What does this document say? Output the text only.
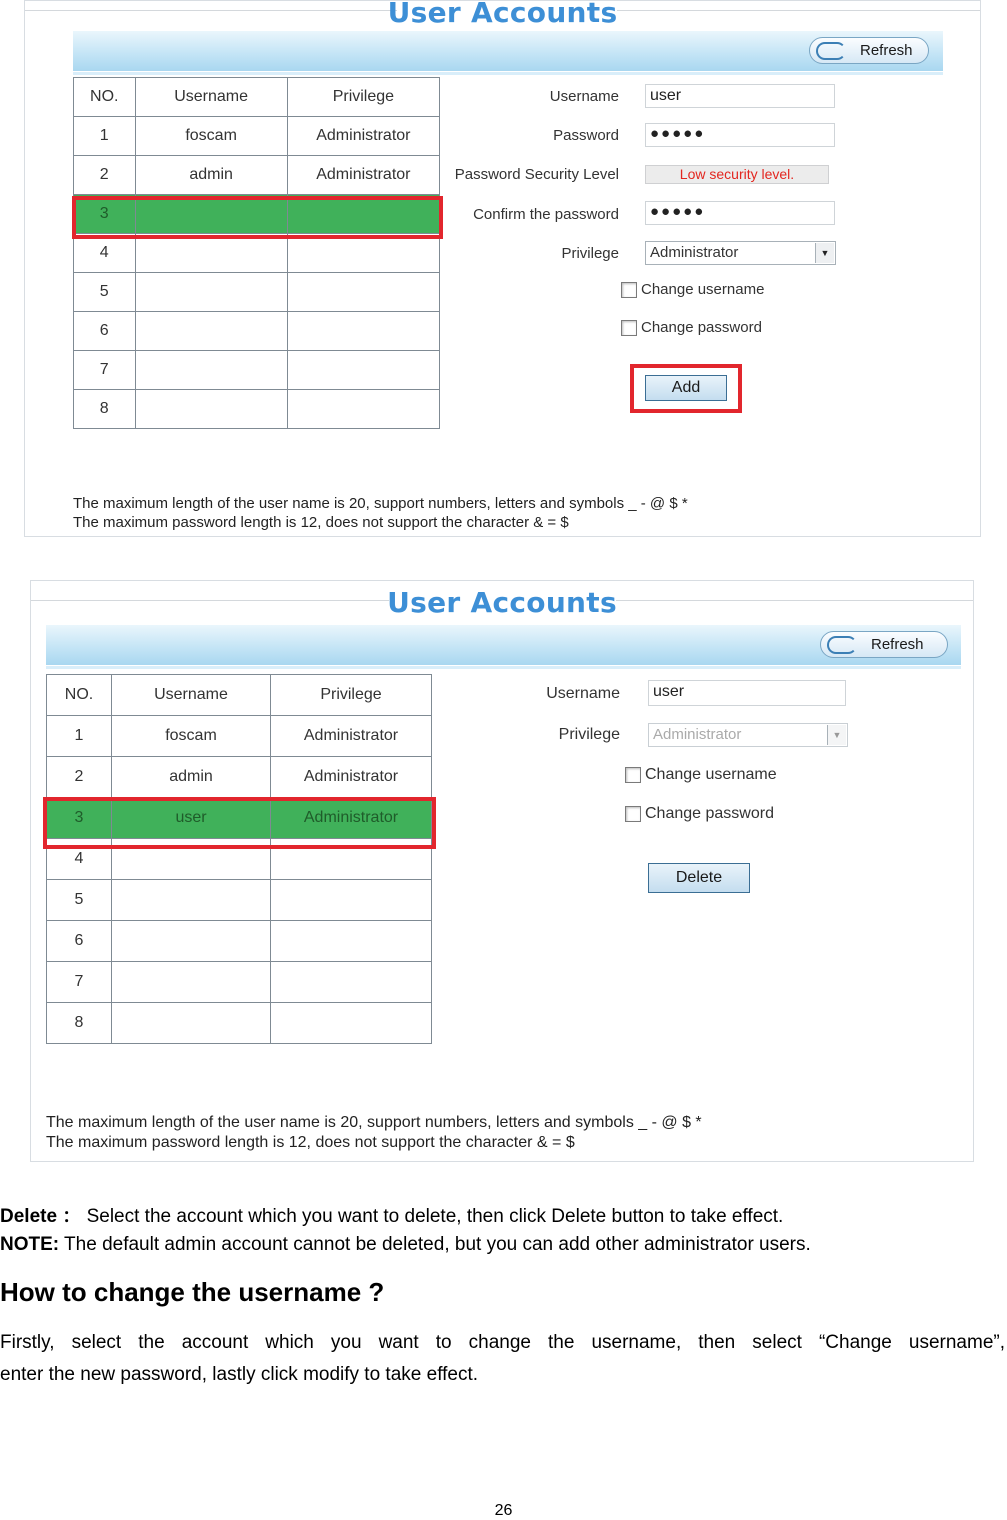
User Accounts
Refresh
NO.	Username	Privilege
1	foscam	Administrator
2	admin	Administrator
3		
4		
5		
6		
7		
8		
Username	user
Password	●●●●●
Password Security Level	Low security level.
Confirm the password	●●●●●
Privilege	Administrator	▼
Change username
Change password
Add
The maximum length of the user name is 20, support numbers, letters and symbols _ - @ $ *
The maximum password length is 12, does not support the character & = $
User Accounts
Refresh
NO.	Username	Privilege
1	foscam	Administrator
2	admin	Administrator
3	user	Administrator
4		
5		
6		
7		
8		
Username	user
Privilege	Administrator	▼
Change username
Change password
Delete
The maximum length of the user name is 20, support numbers, letters and symbols _ - @ $ *
The maximum password length is 12, does not support the character & = $
Delete ： Select the account which you want to delete, then click Delete button to take effect.
NOTE: The default admin account cannot be deleted, but you can add other administrator users.
How to change the username ?
Firstly, select the account which you want to change the username, then select “Change username”,
enter the new password, lastly click modify to take effect.
26
